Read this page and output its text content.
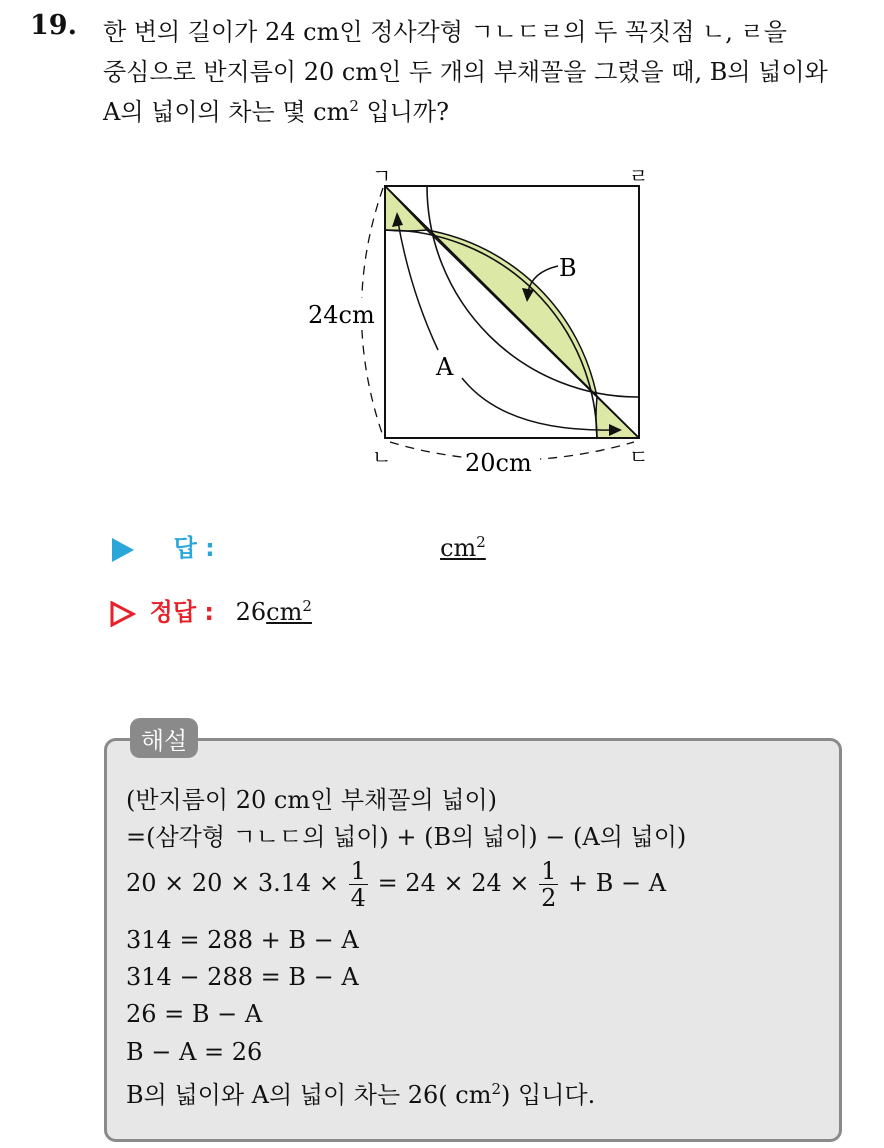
19. 한 변의 길이가 24 cm인 정사각형 ㄱㄴㄷㄹ의 두 꼭짓점 ㄴ, ㄹ을
중심으로 반지름이 20 cm인 두 개의 부채꼴을 그렸을 때, B의 넓이와
A의 넓이의 차는 몇 $cm^2$ 입니까?
ㄱ	ㄹ
ㄴ	ㄷ
24cm
20cm
A
B
답 :	$cm^2$
정답 : $26cm^2$
해설
(반지름이 20 cm인 부채꼴의 넓이)
=(삼각형 ㄱㄴㄷ의 넓이) + (B의 넓이) − (A의 넓이)
$20 \times 20 \times 3.14 \times \frac{1}{4} = 24 \times 24 \times \frac{1}{2} + B - A$
314 = 288 + B − A
314 − 288 = B − A
26 = B − A
B − A = 26
B의 넓이와 A의 넓이 차는 26( $cm^2$) 입니다.
